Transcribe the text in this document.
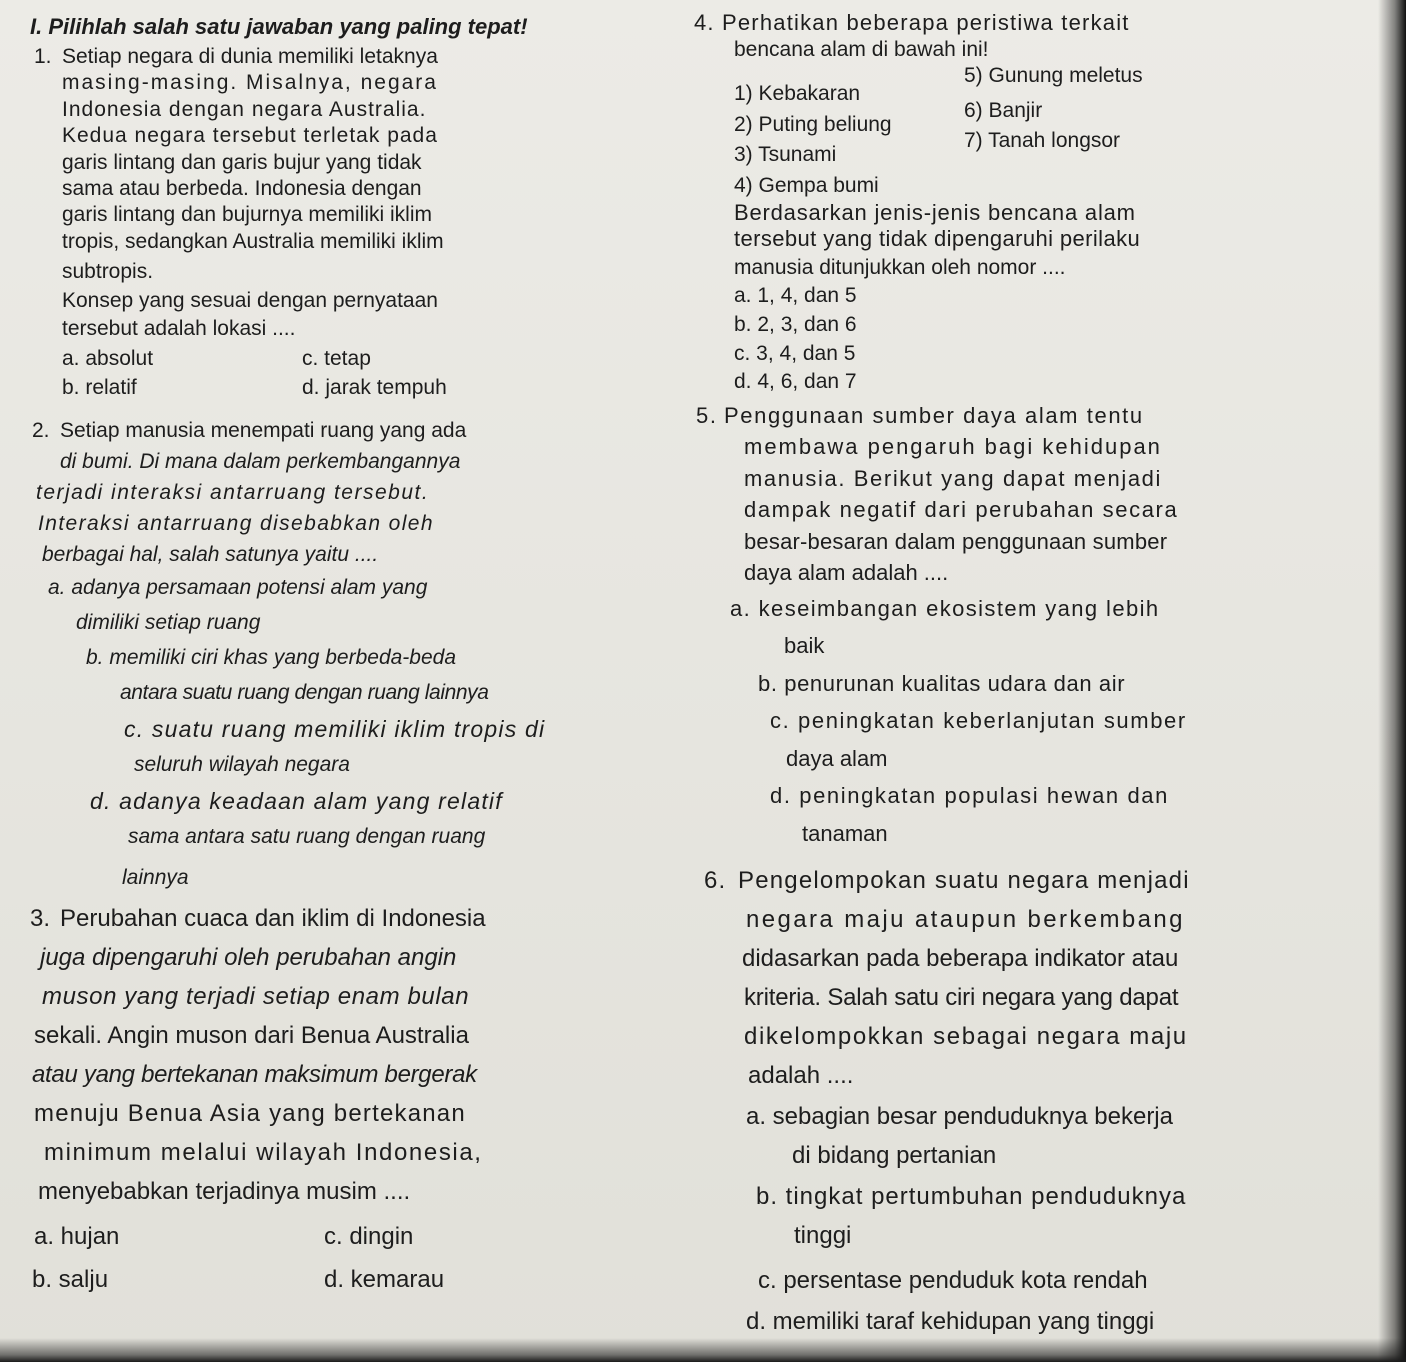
I. Pilihlah salah satu jawaban yang paling tepat!
1. Setiap negara di dunia memiliki letaknya
masing-masing. Misalnya, negara
Indonesia dengan negara Australia.
Kedua negara tersebut terletak pada
garis lintang dan garis bujur yang tidak
sama atau berbeda. Indonesia dengan
garis lintang dan bujurnya memiliki iklim
tropis, sedangkan Australia memiliki iklim
subtropis.
Konsep yang sesuai dengan pernyataan
tersebut adalah lokasi ....
a. absolut	c. tetap
b. relatif	d. jarak tempuh
2. Setiap manusia menempati ruang yang ada
di bumi. Di mana dalam perkembangannya
terjadi interaksi antarruang tersebut.
Interaksi antarruang disebabkan oleh
berbagai hal, salah satunya yaitu ....
a. adanya persamaan potensi alam yang
dimiliki setiap ruang
b. memiliki ciri khas yang berbeda-beda
antara suatu ruang dengan ruang lainnya
c. suatu ruang memiliki iklim tropis di
seluruh wilayah negara
d. adanya keadaan alam yang relatif
sama antara satu ruang dengan ruang
lainnya
3. Perubahan cuaca dan iklim di Indonesia
juga dipengaruhi oleh perubahan angin
muson yang terjadi setiap enam bulan
sekali. Angin muson dari Benua Australia
atau yang bertekanan maksimum bergerak
menuju Benua Asia yang bertekanan
minimum melalui wilayah Indonesia,
menyebabkan terjadinya musim ....
a. hujan	c. dingin
b. salju	d. kemarau
4. Perhatikan beberapa peristiwa terkait
bencana alam di bawah ini!
1) Kebakaran
5) Gunung meletus
2) Puting beliung
6) Banjir
3) Tsunami
7) Tanah longsor
4) Gempa bumi
Berdasarkan jenis-jenis bencana alam
tersebut yang tidak dipengaruhi perilaku
manusia ditunjukkan oleh nomor ....
a. 1, 4, dan 5
b. 2, 3, dan 6
c. 3, 4, dan 5
d. 4, 6, dan 7
5. Penggunaan sumber daya alam tentu
membawa pengaruh bagi kehidupan
manusia. Berikut yang dapat menjadi
dampak negatif dari perubahan secara
besar-besaran dalam penggunaan sumber
daya alam adalah ....
a. keseimbangan ekosistem yang lebih
baik
b. penurunan kualitas udara dan air
c. peningkatan keberlanjutan sumber
daya alam
d. peningkatan populasi hewan dan
tanaman
6. Pengelompokan suatu negara menjadi
negara maju ataupun berkembang
didasarkan pada beberapa indikator atau
kriteria. Salah satu ciri negara yang dapat
dikelompokkan sebagai negara maju
adalah ....
a. sebagian besar penduduknya bekerja
di bidang pertanian
b. tingkat pertumbuhan penduduknya
tinggi
c. persentase penduduk kota rendah
d. memiliki taraf kehidupan yang tinggi
